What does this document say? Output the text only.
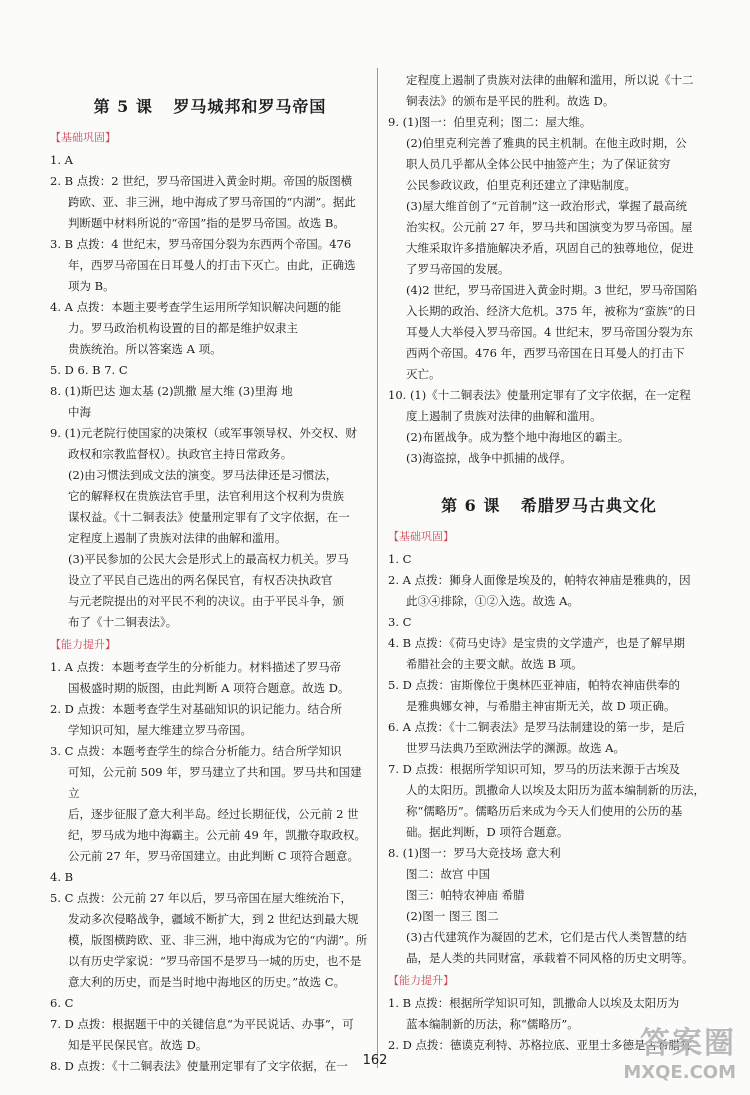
第 5 课 罗马城邦和罗马帝国
【基础巩固】

1. A

2. B 点拨：2 世纪，罗马帝国进入黄金时期。帝国的版图横

跨欧、亚、非三洲，地中海成了罗马帝国的“内湖”。据此

判断题中材料所说的“帝国”指的是罗马帝国。故选 B。

3. B 点拨：4 世纪末，罗马帝国分裂为东西两个帝国。476

年，西罗马帝国在日耳曼人的打击下灭亡。由此，正确选

项为 B。

4. A 点拨：本题主要考查学生运用所学知识解决问题的能

力。罗马政治机构设置的目的都是维护奴隶主

贵族统治。所以答案选 A 项。

5. D 6. B 7. C

8. (1)斯巴达 迦太基 (2)凯撒 屋大维 (3)里海 地

中海

9. (1)元老院行使国家的决策权（或军事领导权、外交权、财

政权和宗教监督权）。执政官主持日常政务。

(2)由习惯法到成文法的演变。罗马法律还是习惯法，

它的解释权在贵族法官手里，法官利用这个权利为贵族

谋权益。《十二铜表法》使量刑定罪有了文字依据，在一

定程度上遏制了贵族对法律的曲解和滥用。

(3)平民参加的公民大会是形式上的最高权力机关。罗马

设立了平民自己选出的两名保民官，有权否决执政官

与元老院提出的对平民不利的决议。由于平民斗争，颁

布了《十二铜表法》。

【能力提升】

1. A 点拨：本题考查学生的分析能力。材料描述了罗马帝

国极盛时期的版图，由此判断 A 项符合题意。故选 D。

2. D 点拨：本题考查学生对基础知识的识记能力。结合所

学知识可知，屋大维建立罗马帝国。

3. C 点拨：本题考查学生的综合分析能力。结合所学知识

可知，公元前 509 年，罗马建立了共和国。罗马共和国建立

后，逐步征服了意大利半岛。经过长期征伐，公元前 2 世

纪，罗马成为地中海霸主。公元前 49 年，凯撒夺取政权。

公元前 27 年，罗马帝国建立。由此判断 C 项符合题意。

4. B

5. C 点拨：公元前 27 年以后，罗马帝国在屋大维统治下，

发动多次侵略战争，疆域不断扩大，到 2 世纪达到最大规

模，版图横跨欧、亚、非三洲，地中海成为它的“内湖”。所

以有历史学家说：“罗马帝国不是罗马一城的历史，也不是

意大利的历史，而是当时地中海地区的历史。”故选 C。

6. C

7. D 点拨：根据题干中的关键信息“为平民说话、办事”，可

知是平民保民官。故选 D。

8. D 点拨：《十二铜表法》使量刑定罪有了文字依据，在一

定程度上遏制了贵族对法律的曲解和滥用，所以说《十二

铜表法》的颁布是平民的胜利。故选 D。

9. (1)图一：伯里克利；图二：屋大维。

(2)伯里克利完善了雅典的民主机制。在他主政时期，公

职人员几乎都从全体公民中抽签产生；为了保证贫穷

公民参政议政，伯里克利还建立了津贴制度。

(3)屋大维首创了“元首制”这一政治形式，掌握了最高统

治实权。公元前 27 年，罗马共和国演变为罗马帝国。屋

大维采取许多措施解决矛盾，巩固自己的独尊地位，促进

了罗马帝国的发展。

(4)2 世纪，罗马帝国进入黄金时期。3 世纪，罗马帝国陷

入长期的政治、经济大危机。375 年，被称为“蛮族”的日

耳曼人大举侵入罗马帝国。4 世纪末，罗马帝国分裂为东

西两个帝国。476 年，西罗马帝国在日耳曼人的打击下

灭亡。

10. (1)《十二铜表法》使量刑定罪有了文字依据，在一定程

度上遏制了贵族对法律的曲解和滥用。

(2)布匿战争。成为整个地中海地区的霸主。

(3)海盗掠，战争中抓捕的战俘。

第 6 课 希腊罗马古典文化
【基础巩固】

1. C

2. A 点拨：狮身人面像是埃及的，帕特农神庙是雅典的，因

此③④排除，①②入选。故选 A。

3. C

4. B 点拨：《荷马史诗》是宝贵的文学遗产，也是了解早期

希腊社会的主要文献。故选 B 项。

5. D 点拨：宙斯像位于奥林匹亚神庙，帕特农神庙供奉的

是雅典娜女神，与希腊主神宙斯无关，故 D 项正确。

6. A 点拨：《十二铜表法》是罗马法制建设的第一步，是后

世罗马法典乃至欧洲法学的渊源。故选 A。

7. D 点拨：根据所学知识可知，罗马的历法来源于古埃及

人的太阳历。凯撒命人以埃及太阳历为蓝本编制新的历法，

称“儒略历”。儒略历后来成为今天人们使用的公历的基

础。据此判断，D 项符合题意。

8. (1)图一：罗马大竞技场 意大利

图二：故宫 中国

图三：帕特农神庙 希腊

(2)图一 图三 图二

(3)古代建筑作为凝固的艺术，它们是古代人类智慧的结

晶，是人类的共同财富，承载着不同风格的历史文明等。

【能力提升】

1. B 点拨：根据所学知识可知，凯撒命人以埃及太阳历为

蓝本编制新的历法，称“儒略历”。

2. D 点拨：德谟克利特、苏格拉底、亚里士多德是古希腊哲

162	答案圈
MXQE.COM
